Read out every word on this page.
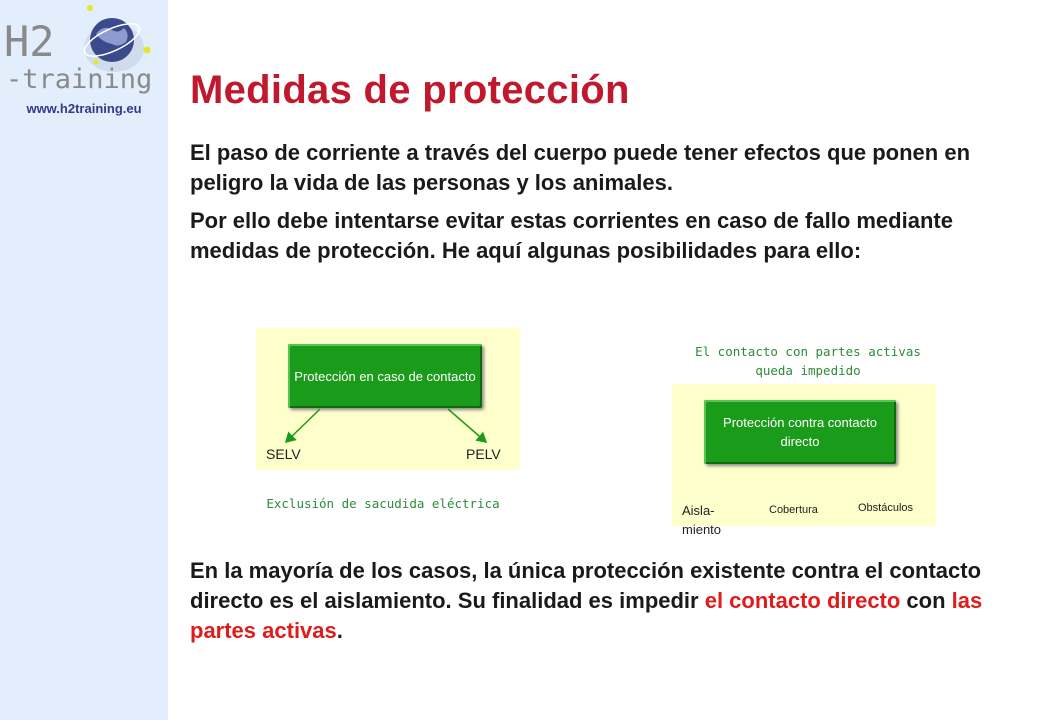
H2
-training
www.h2training.eu	Medidas de protección

El paso de corriente a través del cuerpo puede tener efectos que ponen en peligro la vida de las personas y los animales.

Por ello debe intentarse evitar estas corrientes en caso de fallo mediante medidas de protección. He aquí algunas posibilidades para ello:

En la mayoría de los casos, la única protección existente contra el contacto directo es el aislamiento. Su finalidad es impedir el contacto directo con las partes activas.

Protección en caso de contacto
SELV	PELV
Exclusión de sacudida eléctrica
El contacto con partes activas
queda impedido
Protección contra contacto directo
Aisla-
miento
Cobertura	Obstáculos
